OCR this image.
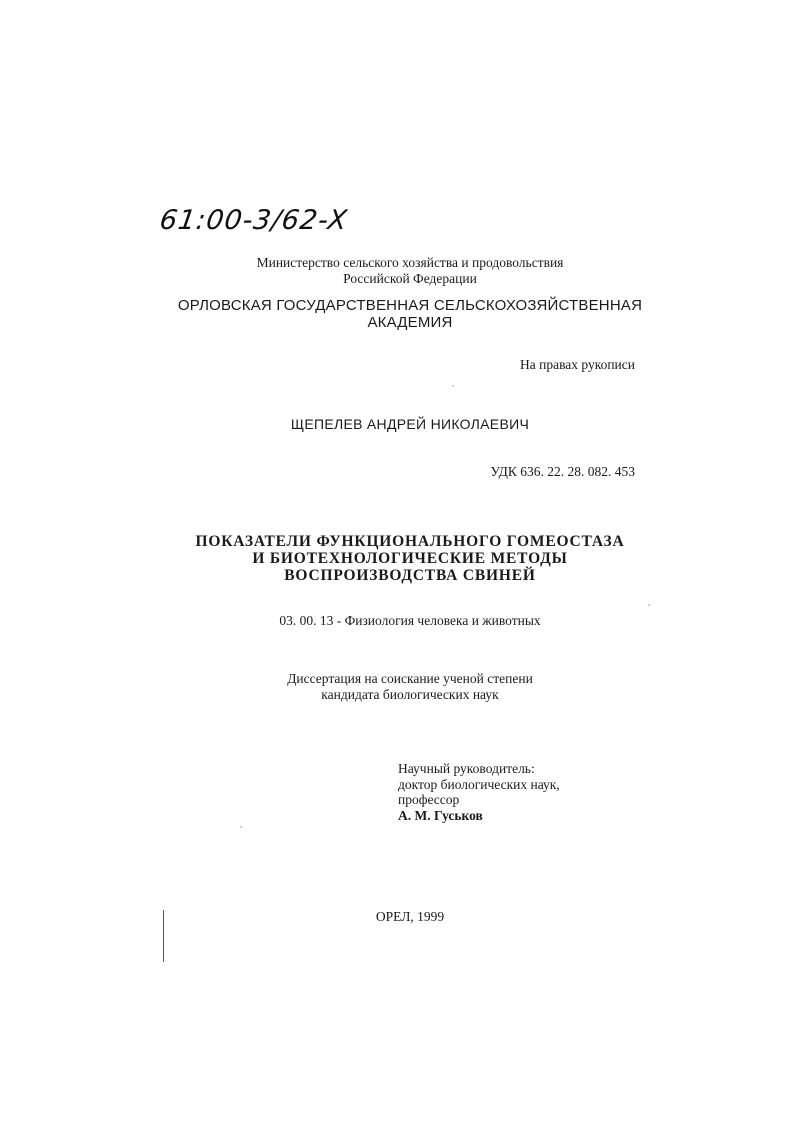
61:00-3/62-X
Министерство сельского хозяйства и продовольствия
Российской Федерации
ОРЛОВСКАЯ ГОСУДАРСТВЕННАЯ СЕЛЬСКОХОЗЯЙСТВЕННАЯ
АКАДЕМИЯ
На правах рукописи
ЩЕПЕЛЕВ АНДРЕЙ НИКОЛАЕВИЧ
УДК 636. 22. 28. 082. 453
ПОКАЗАТЕЛИ ФУНКЦИОНАЛЬНОГО ГОМЕОСТАЗА
И БИОТЕХНОЛОГИЧЕСКИЕ МЕТОДЫ
ВОСПРОИЗВОДСТВА СВИНЕЙ
03. 00. 13 - Физиология человека и животных
Диссертация на соискание ученой степени
кандидата биологических наук
Научный руководитель:
доктор биологических наук,
профессор
А. М. Гуськов
ОРЕЛ, 1999
